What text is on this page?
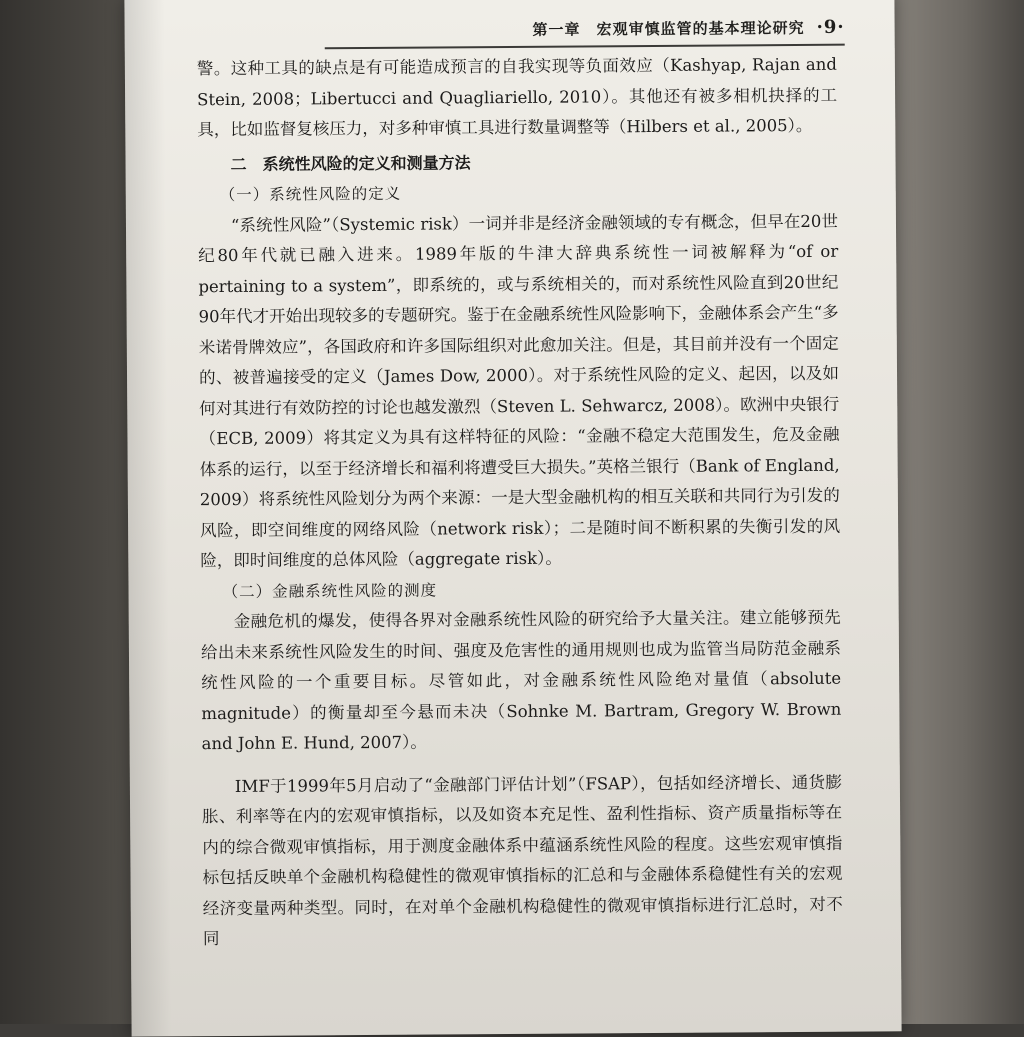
第一章 宏观审慎监管的基本理论研究 ·9·

警。这种工具的缺点是有可能造成预言的自我实现等负面效应（Kashyap, Rajan and Stein, 2008；Libertucci and Quagliariello, 2010）。其他还有被多相机抉择的工具，比如监督复核压力，对多种审慎工具进行数量调整等（Hilbers et al., 2005）。

二　系统性风险的定义和测量方法

（一）系统性风险的定义

“系统性风险”（Systemic risk）一词并非是经济金融领域的专有概念，但早在20世纪80年代就已融入进来。1989年版的牛津大辞典系统性一词被解释为“of or pertaining to a system”，即系统的，或与系统相关的，而对系统性风险直到20世纪90年代才开始出现较多的专题研究。鉴于在金融系统性风险影响下，金融体系会产生“多米诺骨牌效应”，各国政府和许多国际组织对此愈加关注。但是，其目前并没有一个固定的、被普遍接受的定义（James Dow, 2000）。对于系统性风险的定义、起因，以及如何对其进行有效防控的讨论也越发激烈（Steven L. Sehwarcz, 2008）。欧洲中央银行（ECB, 2009）将其定义为具有这样特征的风险：“金融不稳定大范围发生，危及金融体系的运行，以至于经济增长和福利将遭受巨大损失。”英格兰银行（Bank of England, 2009）将系统性风险划分为两个来源：一是大型金融机构的相互关联和共同行为引发的风险，即空间维度的网络风险（network risk）；二是随时间不断积累的失衡引发的风险，即时间维度的总体风险（aggregate risk）。

（二）金融系统性风险的测度

金融危机的爆发，使得各界对金融系统性风险的研究给予大量关注。建立能够预先给出未来系统性风险发生的时间、强度及危害性的通用规则也成为监管当局防范金融系统性风险的一个重要目标。尽管如此，对金融系统性风险绝对量值（absolute magnitude）的衡量却至今悬而未决（Sohnke M. Bartram, Gregory W. Brown and John E. Hund, 2007）。

IMF于1999年5月启动了“金融部门评估计划”（FSAP），包括如经济增长、通货膨胀、利率等在内的宏观审慎指标，以及如资本充足性、盈利性指标、资产质量指标等在内的综合微观审慎指标，用于测度金融体系中蕴涵系统性风险的程度。这些宏观审慎指标包括反映单个金融机构稳健性的微观审慎指标的汇总和与金融体系稳健性有关的宏观经济变量两种类型。同时，在对单个金融机构稳健性的微观审慎指标进行汇总时，对不同
